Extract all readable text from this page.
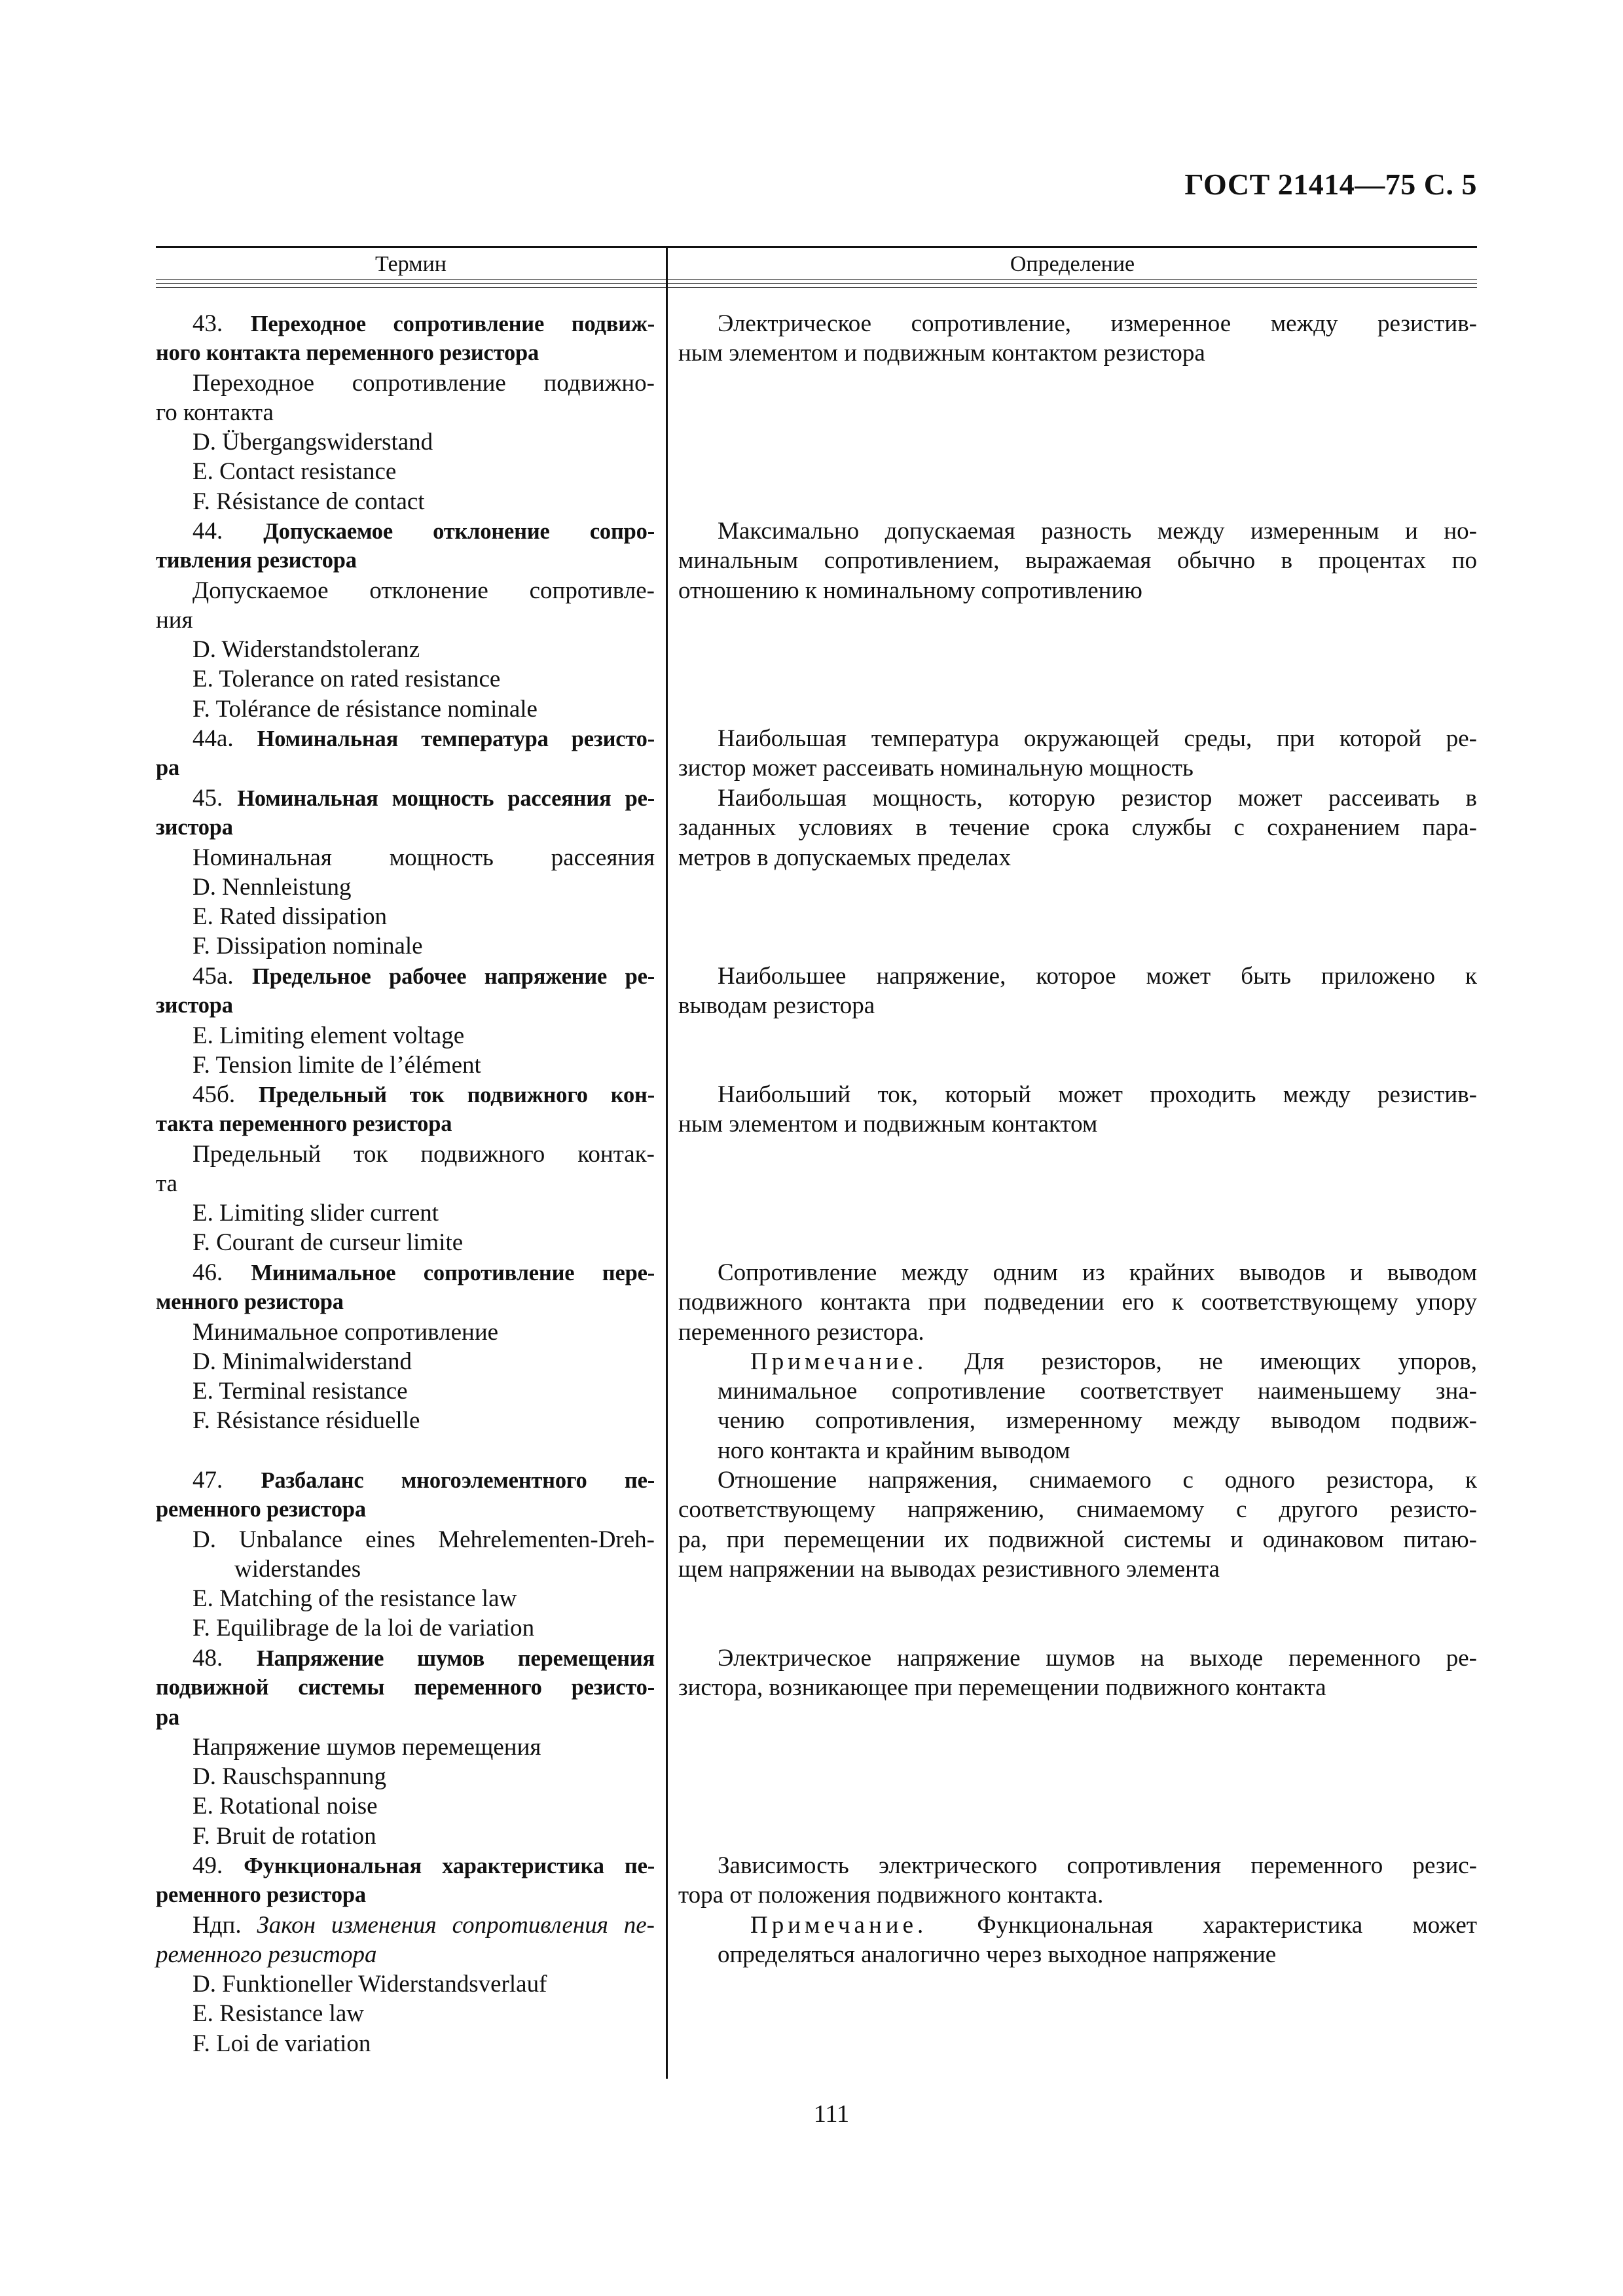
ГОСТ 21414—75 С. 5
Термин	Определение
43. Переходное сопротивление подвиж-
ного контакта переменного резистора
Переходное сопротивление подвижно-
го контакта
D. Übergangswiderstand
E. Contact resistance
F. Résistance de contact
44. Допускаемое отклонение сопро-
тивления резистора
Допускаемое отклонение сопротивле-
ния
D. Widerstandstoleranz
E. Tolerance on rated resistance
F. Tolérance de résistance nominale
44а. Номинальная температура резисто-
ра
45. Номинальная мощность рассеяния ре-
зистора
Номинальная мощность рассеяния
D. Nennleistung
E. Rated dissipation
F. Dissipation nominale
45а. Предельное рабочее напряжение ре-
зистора
E. Limiting element voltage
F. Tension limite de l’élément
45б. Предельный ток подвижного кон-
такта переменного резистора
Предельный ток подвижного контак-
та
E. Limiting slider current
F. Courant de curseur limite
46. Минимальное сопротивление пере-
менного резистора
Минимальное сопротивление
D. Minimalwiderstand
E. Terminal resistance
F. Résistance résiduelle
47. Разбаланс многоэлементного пе-
ременного резистора
D. Unbalance eines Mehrelementen-Dreh-
widerstandes
E. Matching of the resistance law
F. Equilibrage de la loi de variation
48. Напряжение шумов перемещения
подвижной системы переменного резисто-
ра
Напряжение шумов перемещения
D. Rauschspannung
E. Rotational noise
F. Bruit de rotation
49. Функциональная характеристика пе-
ременного резистора
Ндп. Закон изменения сопротивления пе-
ременного резистора
D. Funktioneller Widerstandsverlauf
E. Resistance law
F. Loi de variation
Электрическое сопротивление, измеренное между резистив-
ным элементом и подвижным контактом резистора
Максимально допускаемая разность между измеренным и но-
минальным сопротивлением, выражаемая обычно в процентах по
отношению к номинальному сопротивлению
Наибольшая температура окружающей среды, при которой ре-
зистор может рассеивать номинальную мощность
Наибольшая мощность, которую резистор может рассеивать в
заданных условиях в течение срока службы с сохранением пара-
метров в допускаемых пределах
Наибольшее напряжение, которое может быть приложено к
выводам резистора
Наибольший ток, который может проходить между резистив-
ным элементом и подвижным контактом
Сопротивление между одним из крайних выводов и выводом
подвижного контакта при подведении его к соответствующему упору
переменного резистора.
Примечание. Для резисторов, не имеющих упоров,
минимальное сопротивление соответствует наименьшему зна-
чению сопротивления, измеренному между выводом подвиж-
ного контакта и крайним выводом
Отношение напряжения, снимаемого с одного резистора, к
соответствующему напряжению, снимаемому с другого резисто-
ра, при перемещении их подвижной системы и одинаковом питаю-
щем напряжении на выводах резистивного элемента
Электрическое напряжение шумов на выходе переменного ре-
зистора, возникающее при перемещении подвижного контакта
Зависимость электрического сопротивления переменного резис-
тора от положения подвижного контакта.
Примечание. Функциональная характеристика может
определяться аналогично через выходное напряжение
111
